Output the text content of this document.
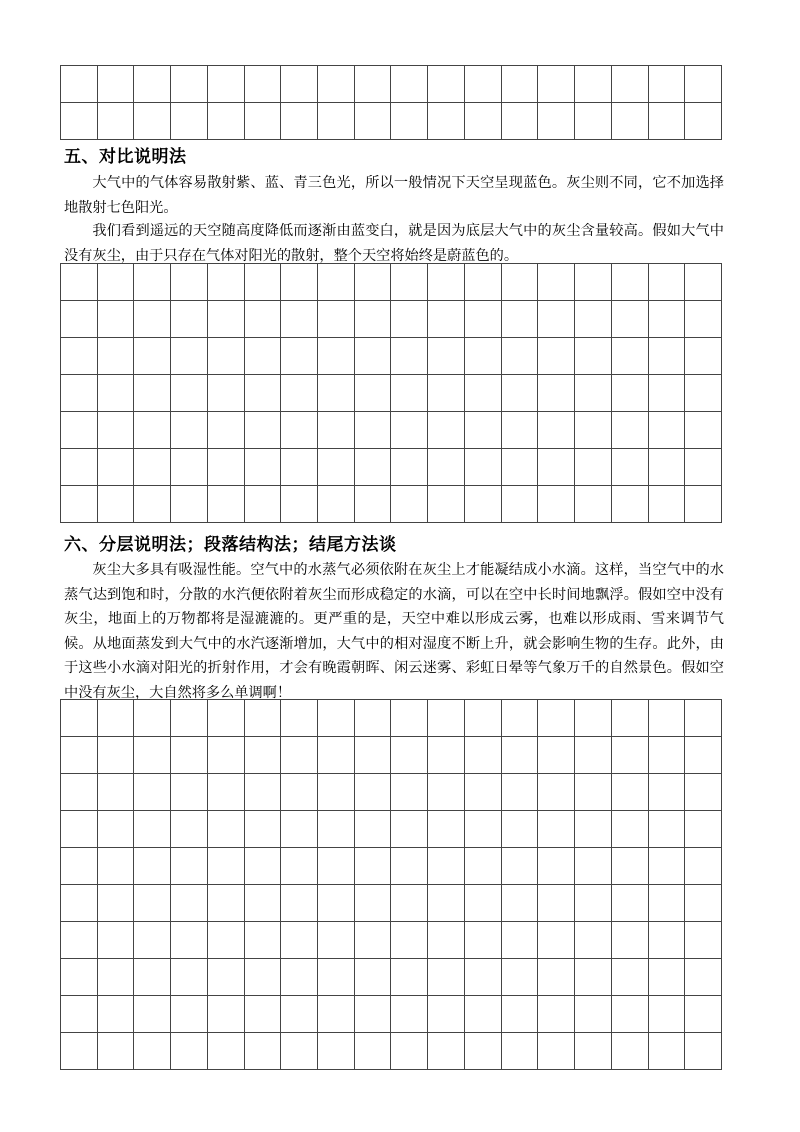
五、对比说明法

大气中的气体容易散射紫、蓝、青三色光，所以一般情况下天空呈现蓝色。灰尘则不同，它不加选择地散射七色阳光。

我们看到遥远的天空随高度降低而逐渐由蓝变白，就是因为底层大气中的灰尘含量较高。假如大气中没有灰尘，由于只存在气体对阳光的散射，整个天空将始终是蔚蓝色的。

六、分层说明法；段落结构法；结尾方法谈

灰尘大多具有吸湿性能。空气中的水蒸气必须依附在灰尘上才能凝结成小水滴。这样，当空气中的水蒸气达到饱和时，分散的水汽便依附着灰尘而形成稳定的水滴，可以在空中长时间地飘浮。假如空中没有灰尘，地面上的万物都将是湿漉漉的。更严重的是，天空中难以形成云雾，也难以形成雨、雪来调节气候。从地面蒸发到大气中的水汽逐渐增加，大气中的相对湿度不断上升，就会影响生物的生存。此外，由于这些小水滴对阳光的折射作用，才会有晚霞朝晖、闲云迷雾、彩虹日晕等气象万千的自然景色。假如空中没有灰尘，大自然将多么单调啊！
